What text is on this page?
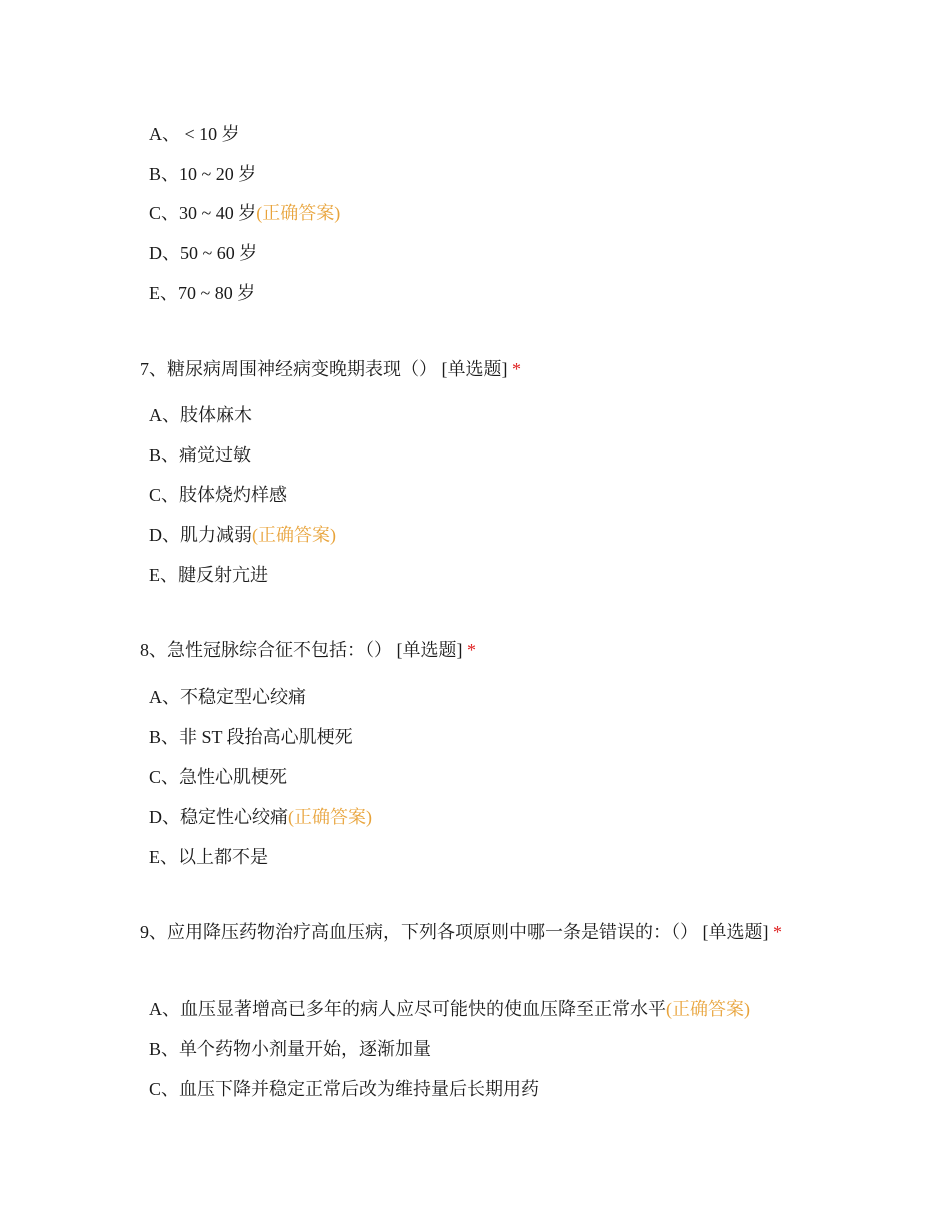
A、 < 10 岁
B、10 ~ 20 岁
C、30 ~ 40 岁(正确答案)
D、50 ~ 60 岁
E、70 ~ 80 岁
7、糖尿病周围神经病变晚期表现（） [单选题] *
A、肢体麻木
B、痛觉过敏
C、肢体烧灼样感
D、肌力减弱(正确答案)
E、腱反射亢进
8、急性冠脉综合征不包括：（） [单选题] *
A、不稳定型心绞痛
B、非 ST 段抬高心肌梗死
C、急性心肌梗死
D、稳定性心绞痛(正确答案)
E、以上都不是
9、应用降压药物治疗高血压病，下列各项原则中哪一条是错误的：（） [单选题] *
A、血压显著增高已多年的病人应尽可能快的使血压降至正常水平(正确答案)
B、单个药物小剂量开始，逐渐加量
C、血压下降并稳定正常后改为维持量后长期用药
